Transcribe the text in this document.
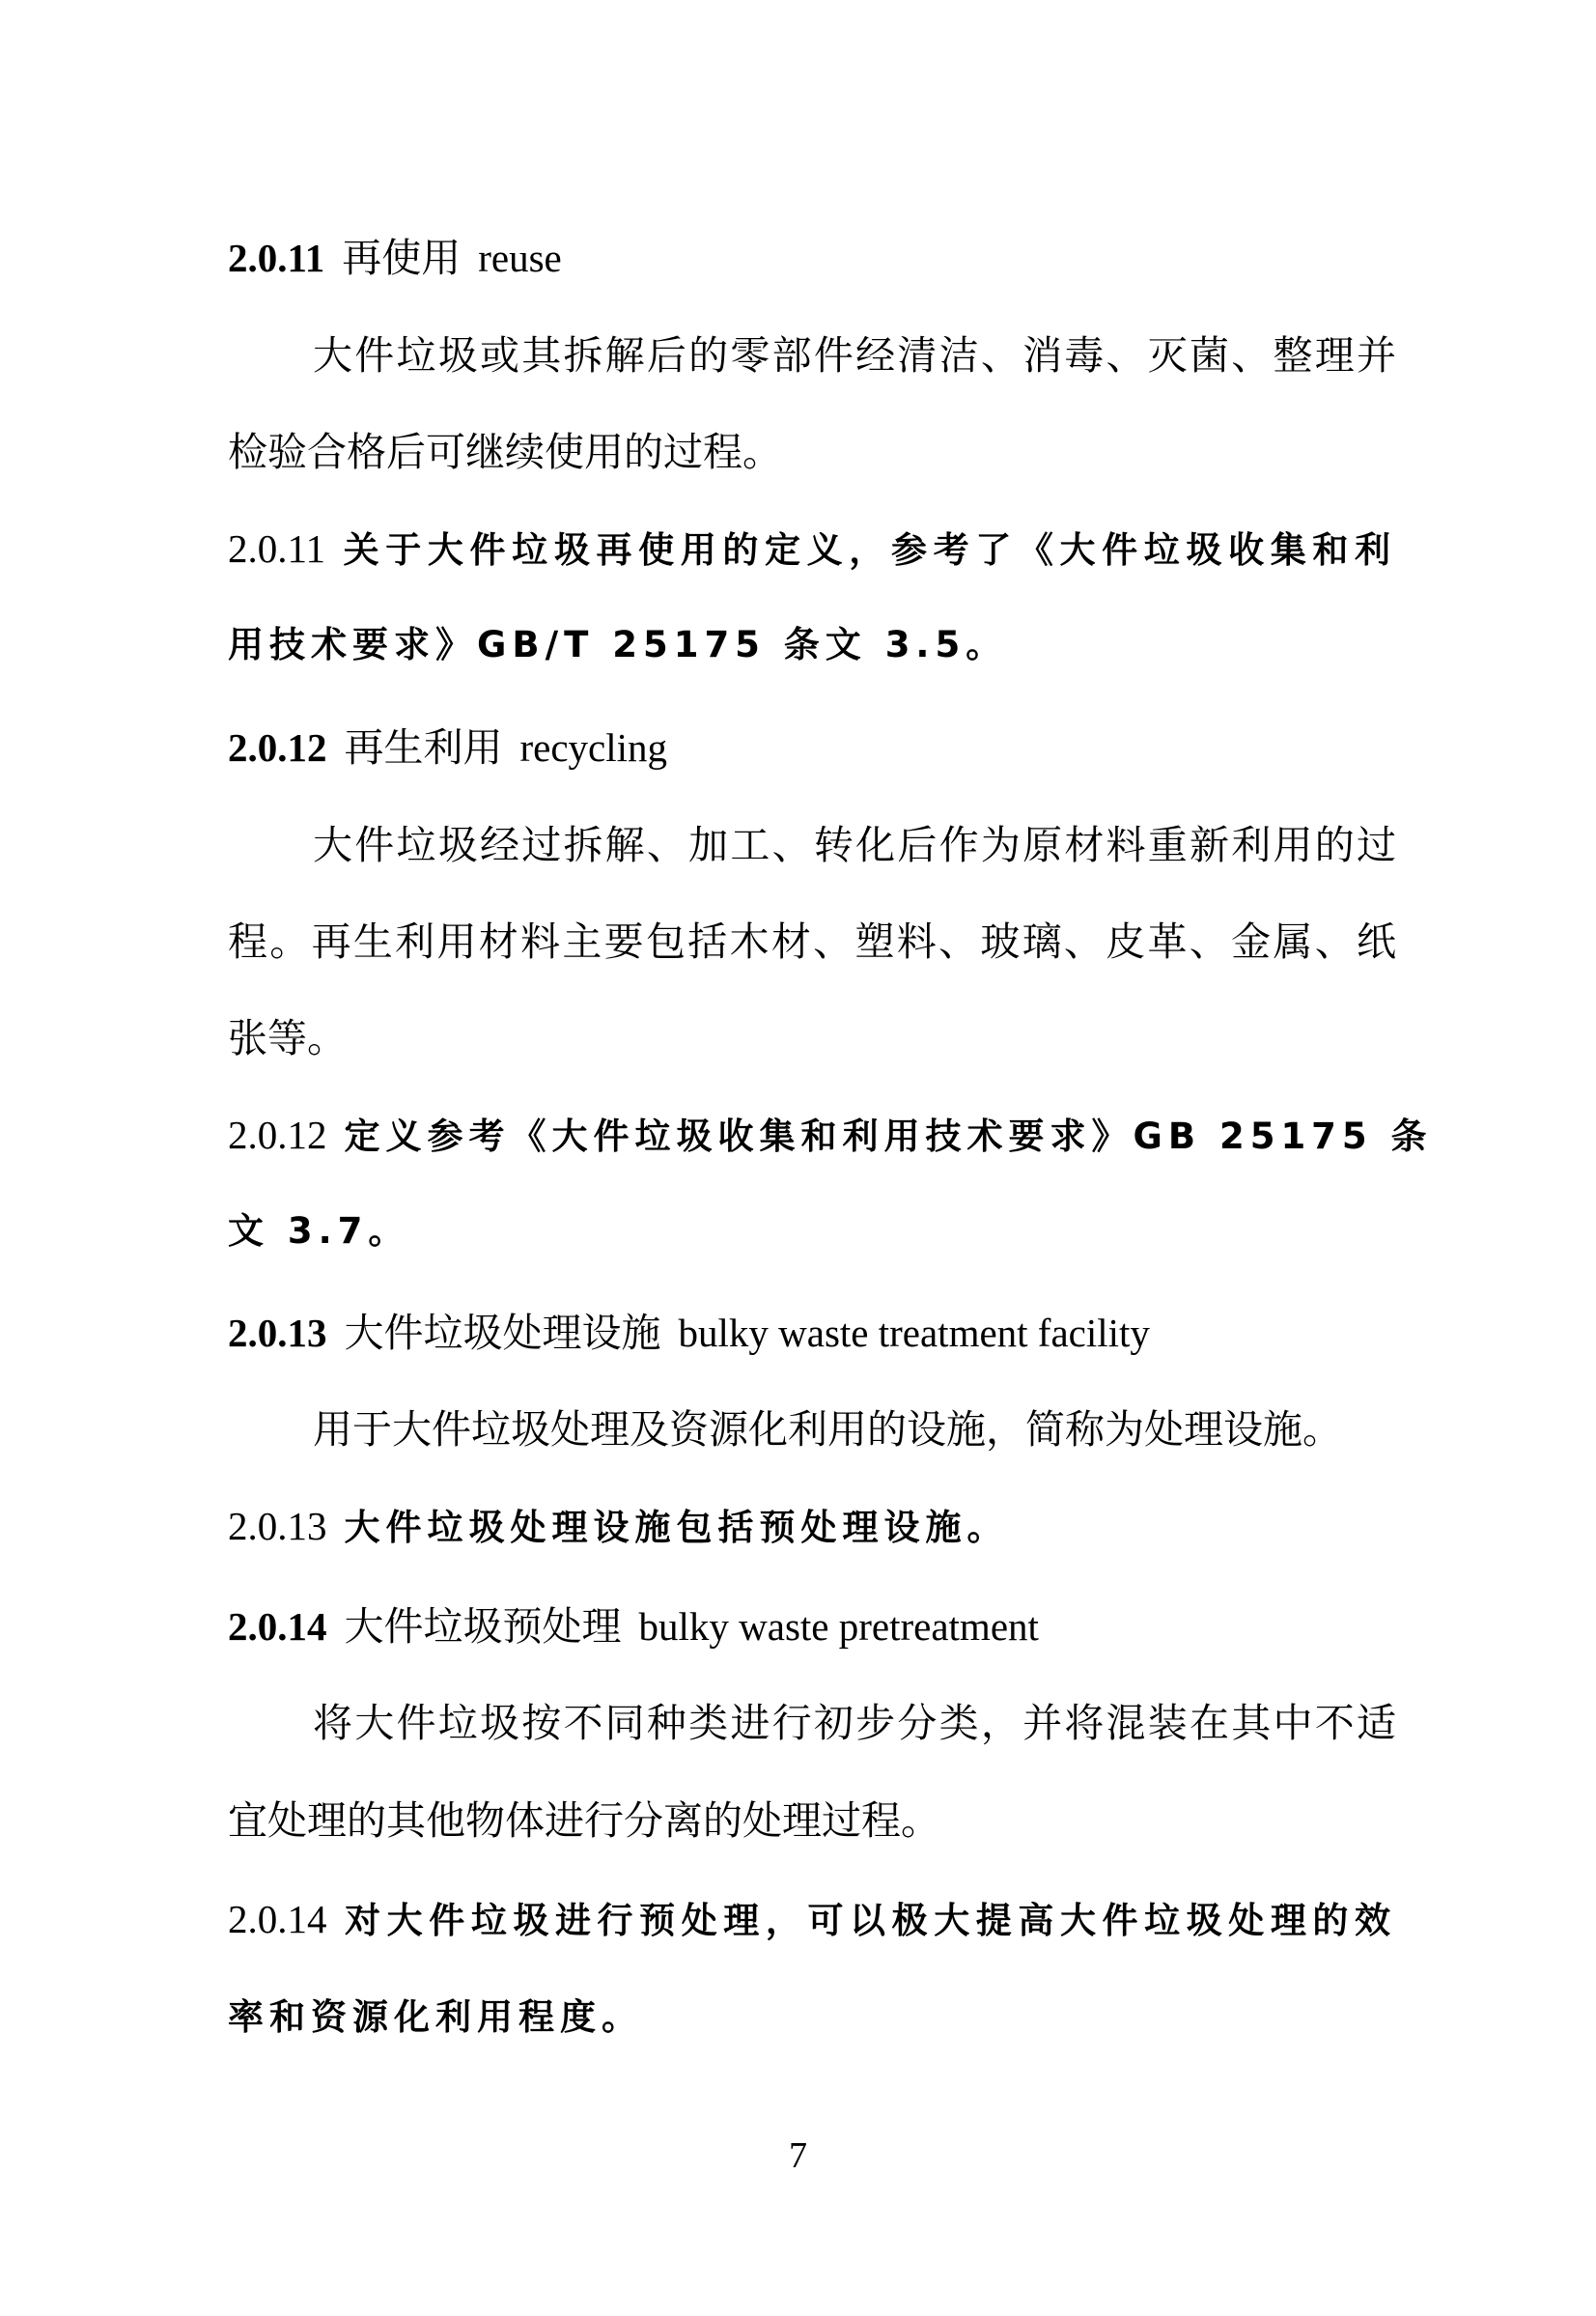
2.0.11 再使用 reuse
大件垃圾或其拆解后的零部件经清洁、消毒、灭菌、整理并
检验合格后可继续使用的过程。
2.0.11 关于大件垃圾再使用的定义，参考了《大件垃圾收集和利
用技术要求》GB/T 25175 条文 3.5。
2.0.12 再生利用 recycling
大件垃圾经过拆解、加工、转化后作为原材料重新利用的过
程。再生利用材料主要包括木材、塑料、玻璃、皮革、金属、纸
张等。
2.0.12 定义参考《大件垃圾收集和利用技术要求》GB 25175 条
文 3.7。
2.0.13 大件垃圾处理设施 bulky waste treatment facility
用于大件垃圾处理及资源化利用的设施，简称为处理设施。
2.0.13 大件垃圾处理设施包括预处理设施。
2.0.14 大件垃圾预处理 bulky waste pretreatment
将大件垃圾按不同种类进行初步分类，并将混装在其中不适
宜处理的其他物体进行分离的处理过程。
2.0.14 对大件垃圾进行预处理，可以极大提高大件垃圾处理的效
率和资源化利用程度。
7
